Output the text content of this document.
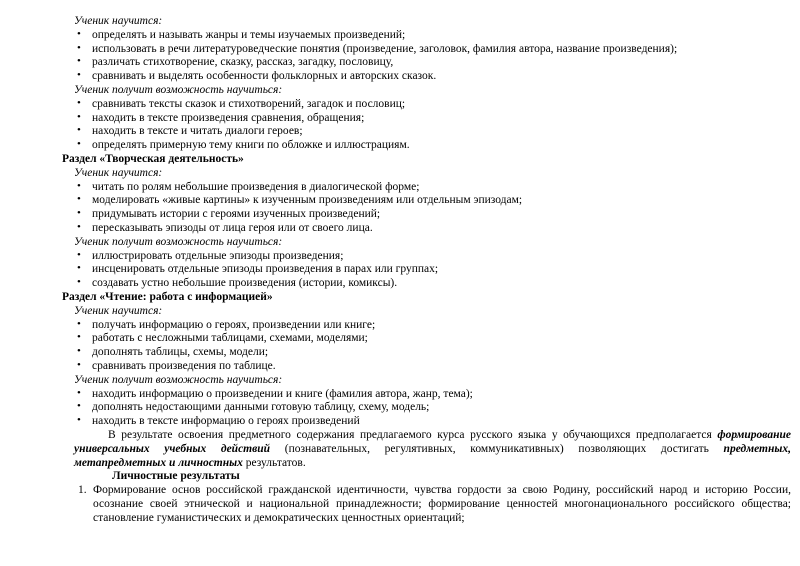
Ученик научится:

• определять и называть жанры и темы изучаемых произведений;
• использовать в речи литературоведческие понятия (произведение, заголовок, фамилия автора, название произведения);
• различать стихотворение, сказку, рассказ, загадку, пословицу,
• сравнивать и выделять особенности фольклорных и авторских сказок.

Ученик получит возможность научиться:

• сравнивать тексты сказок и стихотворений, загадок и пословиц;
• находить в тексте произведения сравнения, обращения;
• находить в тексте и читать диалоги героев;
• определять примерную тему книги по обложке и иллюстрациям.

Раздел «Творческая деятельность»

Ученик научится:

• читать по ролям небольшие произведения в диалогической форме;
• моделировать «живые картины» к изученным произведениям или отдельным эпизодам;
• придумывать истории с героями изученных произведений;
• пересказывать эпизоды от лица героя или от своего лица.

Ученик получит возможность научиться:

• иллюстрировать отдельные эпизоды произведения;
• инсценировать отдельные эпизоды произведения в парах или группах;
• создавать устно небольшие произведения (истории, комиксы).

Раздел «Чтение: работа с информацией»

Ученик научится:

• получать информацию о героях, произведении или книге;
• работать с несложными таблицами, схемами, моделями;
• дополнять таблицы, схемы, модели;
• сравнивать произведения по таблице.

Ученик получит возможность научиться:

• находить информацию о произведении и книге (фамилия автора, жанр, тема);
• дополнять недостающими данными готовую таблицу, схему, модель;
• находить в тексте информацию о героях произведений

В результате освоения предметного содержания предлагаемого курса русского языка у обучающихся предполагается формирование универсальных учебных действий (познавательных, регулятивных, коммуникативных) позволяющих достигать предметных, метапредметных и личностных результатов.

Личностные результаты

1. Формирование основ российской гражданской идентичности, чувства гордости за свою Родину, российский народ и историю России, осознание своей этнической и национальной принадлежности; формирование ценностей многонационального российского общества; становление гуманистических и демократических ценностных ориентаций;
